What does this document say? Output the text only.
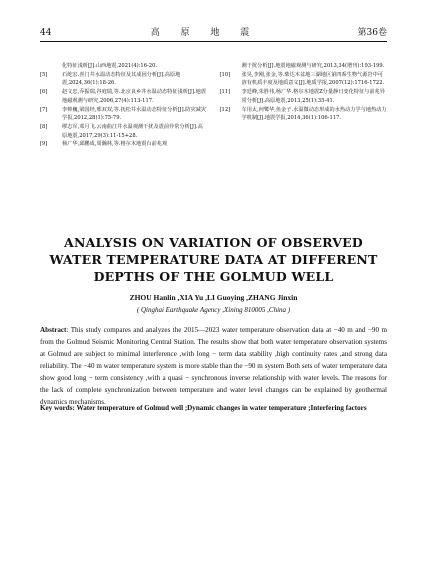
44	高 原 地 震	第36卷
化特征浅析[J].山西地震,2021(4):16-20.
[5]	石屹宏.喜门井水温动态特征及其成因分析[J].高原地震,2024,36(1):18-26.
[6]	赵文忠,乔振瑞,谷庭瑞,等.北京良乡井水温动态特征浅析[J].地震地磁观测与研究,2006,27(4):113-117.
[7]	李帅巍,梁国经,邢双双,等.抚松井水温动态特征分析[J].防灾减灾学报,2012,28(1):75-79.
[8]	缪志军,邓月飞.云南曲江井水温观测干扰及震前异常分析[J].高原地震,2017,29(3):11-15+28.
[9]	杨广华,邱鹏成,周瀚林,等.格尔木地震台前兆观
测干扰分析[J].地震地磁观测与研究,2013,34(增刊):193-199.
[10]	张昊,李刚,张金,等.柴达木盆地三湖地区第四系生物气源岩中可溶有机质丰度及地质意义[J].地质学报,2007(12):1716-1722.
[11]	李廷峰,朱胜伟,杨广华.格尔木地震Z分量静日变化特征与前兆异常分析[J].高原地震,2013,25(1):35-41.
[12]	车用太,何鹭华,鱼金子.水温微动态形成的水热动力学与地热动力学机制[J].地震学报,2014,36(1):106-117.
ANALYSIS ON VARIATION OF OBSERVED WATER TEMPERATURE DATA AT DIFFERENT DEPTHS OF THE GOLMUD WELL
ZHOU Hanlin ,XIA Yu ,LI Guoying ,ZHANG Jinxin
( Qinghai Earthquake Agency ,Xining 810005 ,China )
Abstract: This study compares and analyzes the 2015—2023 water temperature observation data at −40 m and −90 m from the Golmud Seismic Monitoring Central Station. The results show that both water temperature observation systems at Golmud are subject to minimal interference ,with long − term data stability ,high continuity rates ,and strong data reliability. The −40 m water temperature system is more stable than the −90 m system Both sets of water temperature data show good long − term consistency ,with a quasi − synchronous inverse relationship with water levels. The reasons for the lack of complete synchronization between temperature and water level changes can be explained by geothermal dynamics mechanisms.
Key words: Water temperature of Golmud well ;Dynamic changes in water temperature ;Interfering factors
